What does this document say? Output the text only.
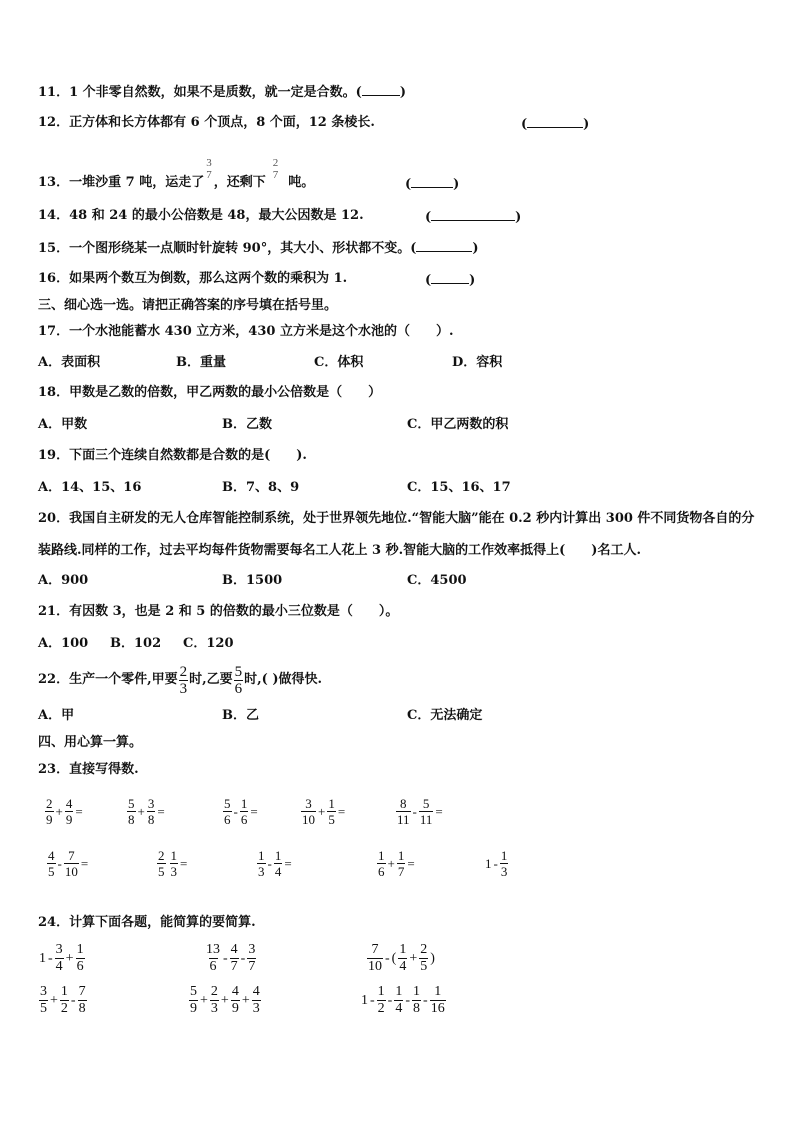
11．1 个非零自然数，如果不是质数，就一定是合数。(	)
12．正方体和长方体都有 6 个顶点，8 个面，12 条棱长.	(	)
13．一堆沙重 7 吨，运走了
3
7
，还剩下
2
7
吨。	(	)
14．48 和 24 的最小公倍数是 48，最大公因数是 12.	(	)
15．一个图形绕某一点顺时针旋转 90°，其大小、形状都不变。(	)
16．如果两个数互为倒数，那么这两个数的乘积为 1.	(	)
三、细心选一选。请把正确答案的序号填在括号里。
17．一个水池能蓄水 430 立方米，430 立方米是这个水池的（　　）.
A．表面积	B．重量	C．体积	D．容积
18．甲数是乙数的倍数，甲乙两数的最小公倍数是（　　）
A．甲数	B．乙数	C．甲乙两数的积
19．下面三个连续自然数都是合数的是(　　).
A．14、15、16	B．7、8、9	C．15、16、17
20．我国自主研发的无人仓库智能控制系统，处于世界领先地位.“智能大脑”能在 0.2 秒内计算出 300 件不同货物各自的分装路线.同样的工作，过去平均每件货物需要每名工人花上 3 秒.智能大脑的工作效率抵得上(　　)名工人.
A．900	B．1500	C．4500
21．有因数 3，也是 2 和 5 的倍数的最小三位数是（　　）。
A．100 B．102 C．120
22． 生产一个零件,甲要 $\frac{2}{3}$ 时,乙要 $\frac{5}{6}$ 时,( )做得快.
A．甲	B．乙	C．无法确定
四、用心算一算。
23．直接写得数.
$\frac{2}{9} + \frac{4}{9}$ =	$\frac{5}{8} + \frac{3}{8}$ =	$\frac{5}{6} - \frac{1}{6}$ =	$\frac{3}{10} + \frac{1}{5}$ =	$\frac{8}{11} - \frac{5}{11}$ =
$\frac{4}{5} - \frac{7}{10}$ =	$\frac{2}{5} \frac{1}{3}$ =	$\frac{1}{3} - \frac{1}{4}$ =	$\frac{1}{6} + \frac{1}{7}$ =	$1 - \frac{1}{3}$
24．计算下面各题，能简算的要简算.
$1 - \frac{3}{4} + \frac{1}{6}$	$\frac{13}{6} - \frac{4}{7} - \frac{3}{7}$	$\frac{7}{10}$ - ( $\frac{1}{4} + \frac{2}{5}$ )
$\frac{3}{5} + \frac{1}{2} - \frac{7}{8}$	$\frac{5}{9} + \frac{2}{3} + \frac{4}{9} + \frac{4}{3}$	$1 - \frac{1}{2} - \frac{1}{4} - \frac{1}{8} - \frac{1}{16}$
